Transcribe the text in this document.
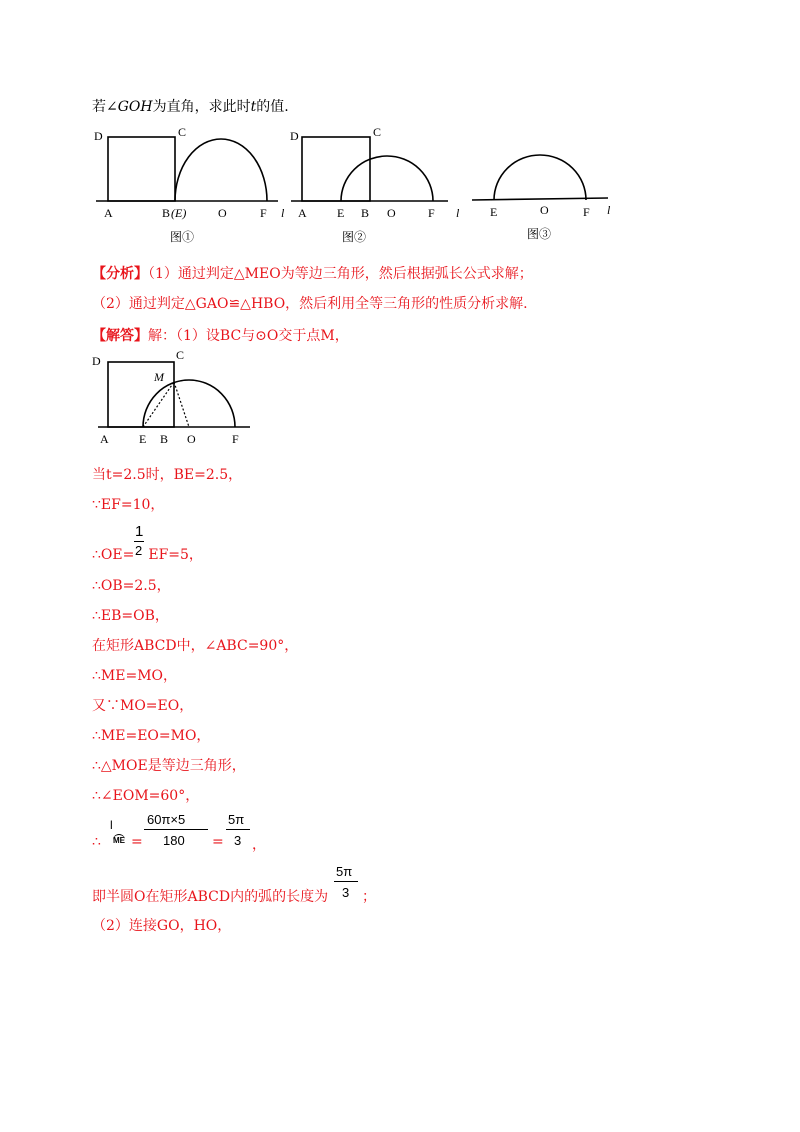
若∠GOH为直角，求此时t的值.
D	C
A	B (E)	O	F l
图①
D	C
A	E B O	F l
图②
E	O	F l
图③
【分析】（1）通过判定△MEO为等边三角形，然后根据弧长公式求解；
（2）通过判定△GAO≌△HBO，然后利用全等三角形的性质分析求解.
【解答】解：（1）设BC与⊙O交于点M，
D	C
M
A	E B O	F
当t=2.5时，BE=2.5，
∵EF=10，
1
2
∴OE= EF=5，
∴OB=2.5，
∴EB=OB，
在矩形ABCD中，∠ABC=90°，
∴ME=MO，
又∵MO=EO，
∴ME=EO=MO，
∴△MOE是等边三角形，
∴∠EOM=60°，
∴
l
ME =
60π×5
180 =
5π
3 ，
即半圆O在矩形ABCD内的弧的长度为
5π
3 ；
（2）连接GO，HO，
